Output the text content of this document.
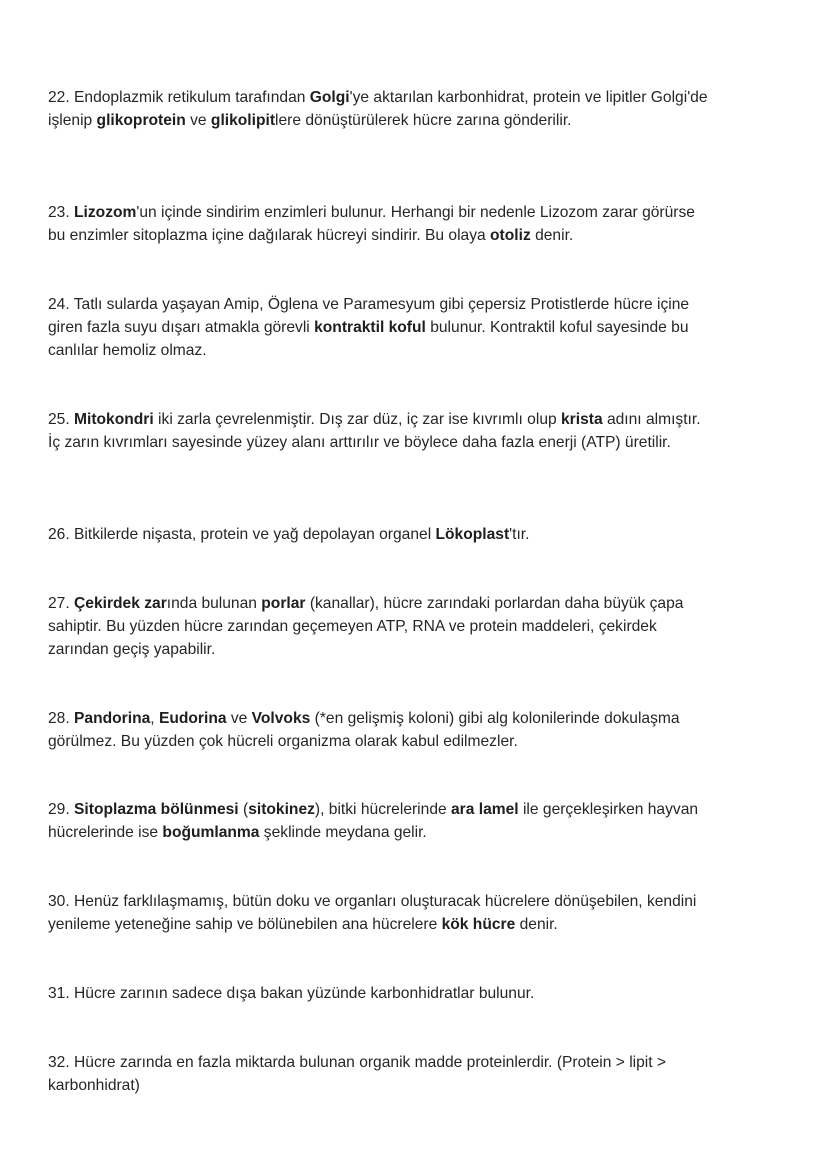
22. Endoplazmik retikulum tarafından Golgi'ye aktarılan karbonhidrat, protein ve lipitler Golgi'de işlenip glikoprotein ve glikolipitlere dönüştürülerek hücre zarına gönderilir.

23. Lizozom'un içinde sindirim enzimleri bulunur. Herhangi bir nedenle Lizozom zarar görürse bu enzimler sitoplazma içine dağılarak hücreyi sindirir. Bu olaya otoliz denir.

24. Tatlı sularda yaşayan Amip, Öglena ve Paramesyum gibi çepersiz Protistlerde hücre içine giren fazla suyu dışarı atmakla görevli kontraktil koful bulunur. Kontraktil koful sayesinde bu canlılar hemoliz olmaz.

25. Mitokondri iki zarla çevrelenmiştir. Dış zar düz, iç zar ise kıvrımlı olup krista adını almıştır. İç zarın kıvrımları sayesinde yüzey alanı arttırılır ve böylece daha fazla enerji (ATP) üretilir.

26. Bitkilerde nişasta, protein ve yağ depolayan organel Lökoplast'tır.

27. Çekirdek zarında bulunan porlar (kanallar), hücre zarındaki porlardan daha büyük çapa sahiptir. Bu yüzden hücre zarından geçemeyen ATP, RNA ve protein maddeleri, çekirdek zarından geçiş yapabilir.

28. Pandorina, Eudorina ve Volvoks (*en gelişmiş koloni) gibi alg kolonilerinde dokulaşma görülmez. Bu yüzden çok hücreli organizma olarak kabul edilmezler.

29. Sitoplazma bölünmesi (sitokinez), bitki hücrelerinde ara lamel ile gerçekleşirken hayvan hücrelerinde ise boğumlanma şeklinde meydana gelir.

30. Henüz farklılaşmamış, bütün doku ve organları oluşturacak hücrelere dönüşebilen, kendini yenileme yeteneğine sahip ve bölünebilen ana hücrelere kök hücre denir.

31. Hücre zarının sadece dışa bakan yüzünde karbonhidratlar bulunur.

32. Hücre zarında en fazla miktarda bulunan organik madde proteinlerdir. (Protein > lipit > karbonhidrat)
